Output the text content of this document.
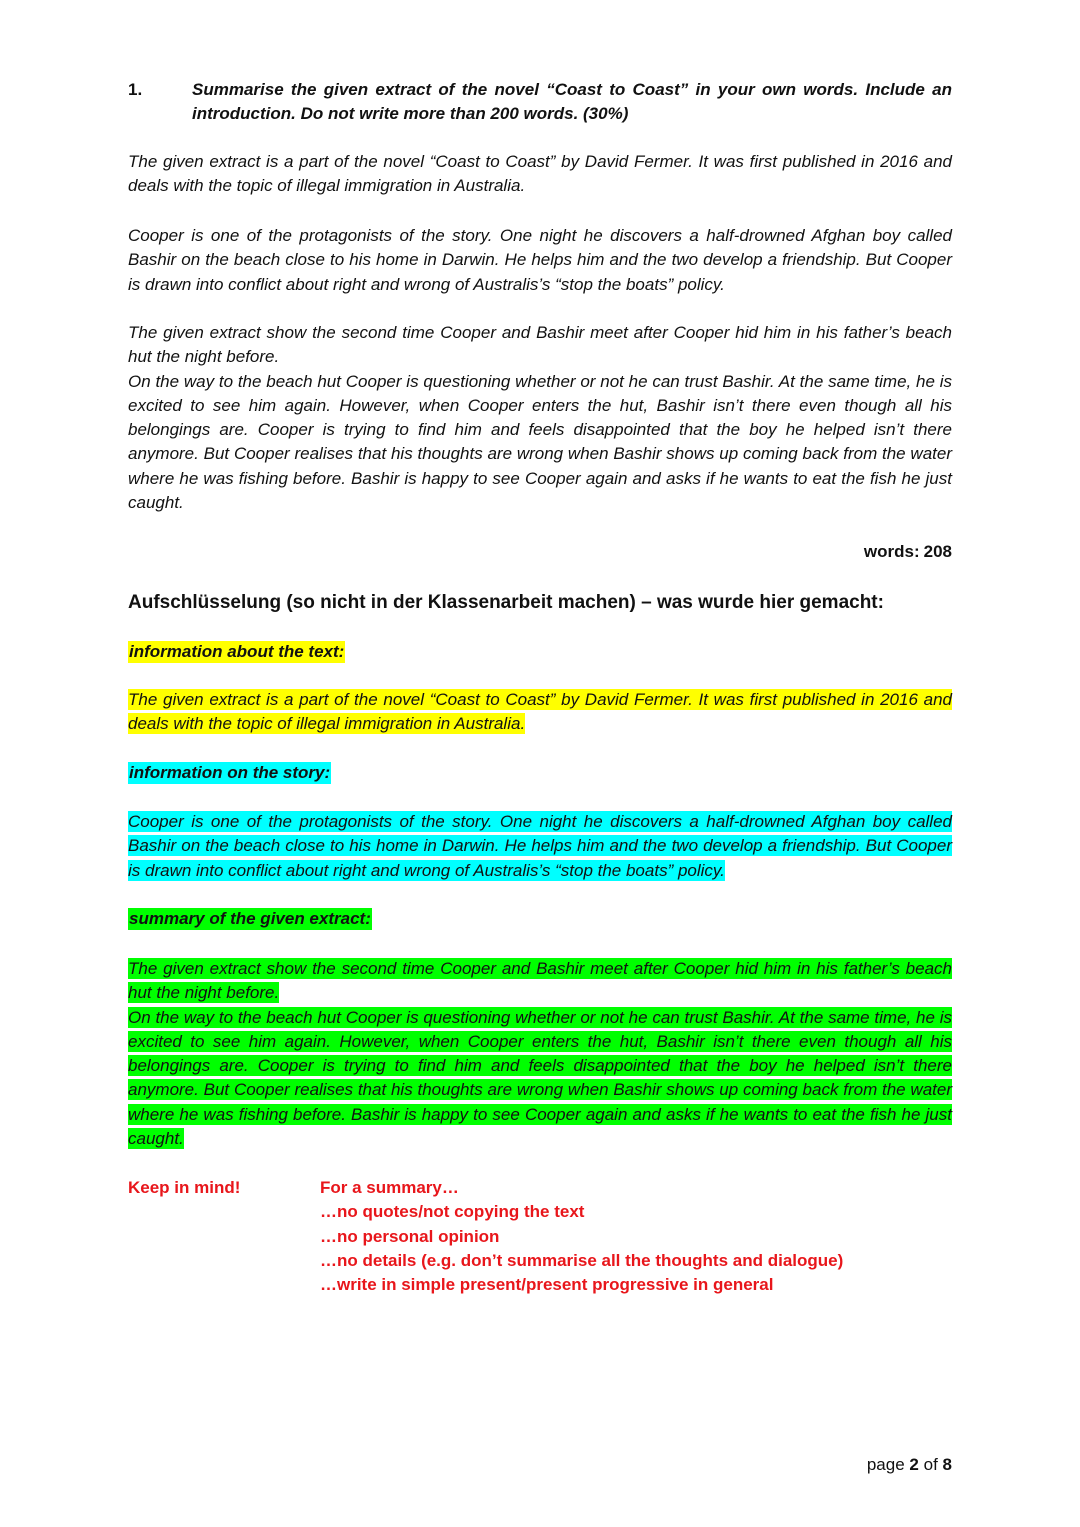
1.	Summarise the given extract of the novel “Coast to Coast” in your own words. Include an introduction. Do not write more than 200 words. (30%)

The given extract is a part of the novel “Coast to Coast” by David Fermer. It was first published in 2016 and deals with the topic of illegal immigration in Australia.

Cooper is one of the protagonists of the story. One night he discovers a half-drowned Afghan boy called Bashir on the beach close to his home in Darwin. He helps him and the two develop a friendship. But Cooper is drawn into conflict about right and wrong of Australis’s “stop the boats” policy.

The given extract show the second time Cooper and Bashir meet after Cooper hid him in his father’s beach hut the night before.
On the way to the beach hut Cooper is questioning whether or not he can trust Bashir. At the same time, he is excited to see him again. However, when Cooper enters the hut, Bashir isn’t there even though all his belongings are. Cooper is trying to find him and feels disappointed that the boy he helped isn’t there anymore. But Cooper realises that his thoughts are wrong when Bashir shows up coming back from the water where he was fishing before. Bashir is happy to see Cooper again and asks if he wants to eat the fish he just caught.

words: 208
Aufschlüsselung (so nicht in der Klassenarbeit machen) – was wurde hier gemacht:
information about the text:

The given extract is a part of the novel “Coast to Coast” by David Fermer. It was first published in 2016 and deals with the topic of illegal immigration in Australia.

information on the story:

Cooper is one of the protagonists of the story. One night he discovers a half-drowned Afghan boy called Bashir on the beach close to his home in Darwin. He helps him and the two develop a friendship. But Cooper is drawn into conflict about right and wrong of Australis’s “stop the boats” policy.

summary of the given extract:

The given extract show the second time Cooper and Bashir meet after Cooper hid him in his father’s beach hut the night before.
On the way to the beach hut Cooper is questioning whether or not he can trust Bashir. At the same time, he is excited to see him again. However, when Cooper enters the hut, Bashir isn’t there even though all his belongings are. Cooper is trying to find him and feels disappointed that the boy he helped isn’t there anymore. But Cooper realises that his thoughts are wrong when Bashir shows up coming back from the water where he was fishing before. Bashir is happy to see Cooper again and asks if he wants to eat the fish he just caught.

Keep in mind!	For a summary…
…no quotes/not copying the text
…no personal opinion
…no details (e.g. don’t summarise all the thoughts and dialogue)
…write in simple present/present progressive in general
page 2 of 8
